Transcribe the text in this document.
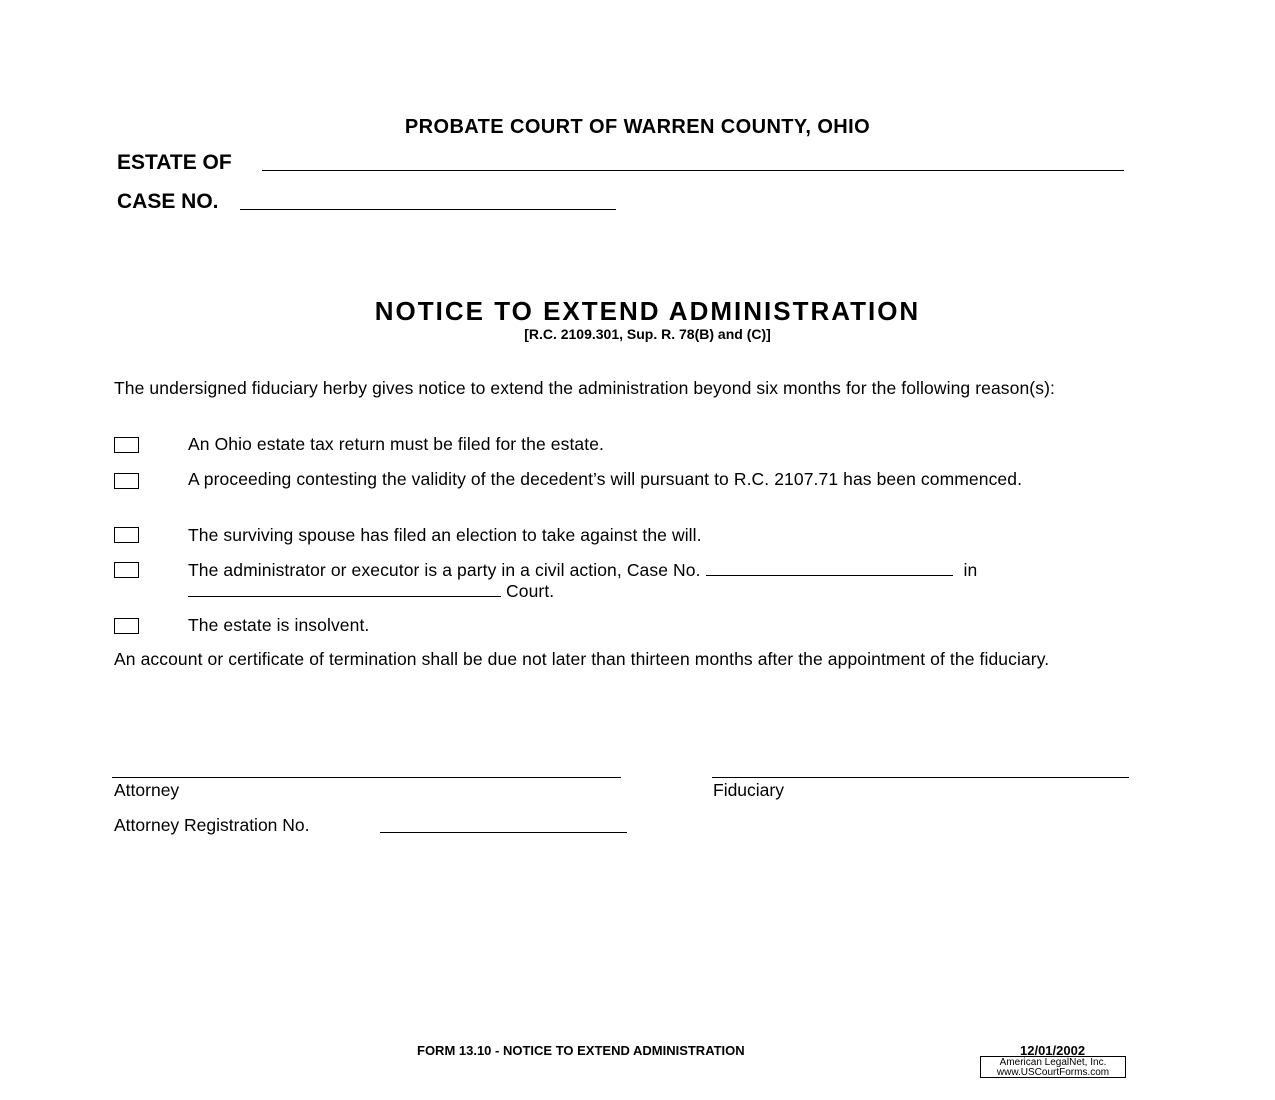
PROBATE COURT OF WARREN COUNTY, OHIO
ESTATE OF
CASE NO.
NOTICE TO EXTEND ADMINISTRATION
[R.C. 2109.301, Sup. R. 78(B) and (C)]
The undersigned fiduciary herby gives notice to extend the administration beyond six months for the following reason(s):
An Ohio estate tax return must be filed for the estate.
A proceeding contesting the validity of the decedent’s will pursuant to R.C. 2107.71 has been commenced.
The surviving spouse has filed an election to take against the will.
The administrator or executor is a party in a civil action, Case No.	in
Court.
The estate is insolvent.
An account or certificate of termination shall be due not later than thirteen months after the appointment of the fiduciary.
Attorney	Fiduciary
Attorney Registration No.
FORM 13.10 - NOTICE TO EXTEND ADMINISTRATION	12/01/2002
American LegalNet, Inc.
www.USCourtForms.com
